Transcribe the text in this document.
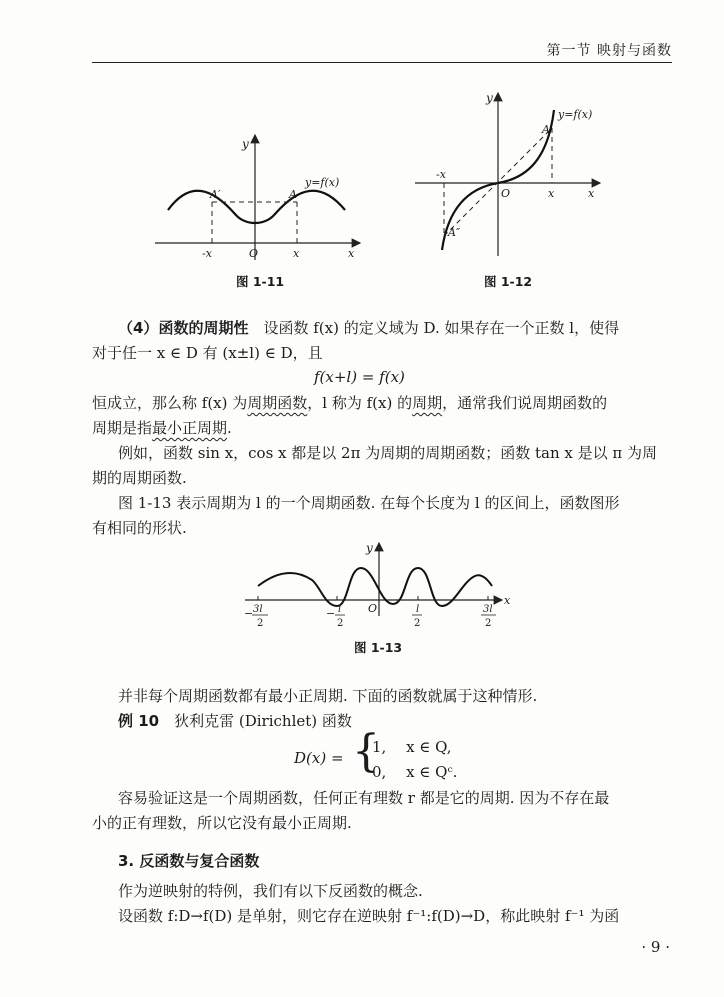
第一节 映射与函数
y
y=f(x)
A′	A
-x	O	x	x
图 1-11
y
y=f(x)
A
A″
-x
O	x	x
图 1-12
（4）函数的周期性　设函数 f(x) 的定义域为 D. 如果存在一个正数 l，使得
对于任一 x ∈ D 有 (x±l) ∈ D，且
f(x+l) = f(x)
恒成立，那么称 f(x) 为周期函数，l 称为 f(x) 的周期，通常我们说周期函数的
周期是指最小正周期.
例如，函数 sin x，cos x 都是以 2π 为周期的周期函数；函数 tan x 是以 π 为周
期的周期函数.
图 1-13 表示周期为 l 的一个周期函数. 在每个长度为 l 的区间上，函数图形
有相同的形状.
y
O
x
− 3l
2
− l
2
l
2
3l
2
图 1-13
并非每个周期函数都有最小正周期. 下面的函数就属于这种情形.
例 10　狄利克雷 (Dirichlet) 函数
D(x) = {
1,　 x ∈ Q,
0,　 x ∈ Qᶜ.
容易验证这是一个周期函数，任何正有理数 r 都是它的周期. 因为不存在最
小的正有理数，所以它没有最小正周期.
3. 反函数与复合函数
作为逆映射的特例，我们有以下反函数的概念.
设函数 f:D→f(D) 是单射，则它存在逆映射 f⁻¹:f(D)→D，称此映射 f⁻¹ 为函
· 9 ·
